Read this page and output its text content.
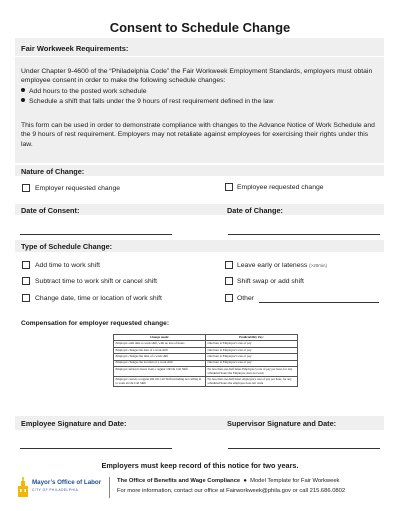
Consent to Schedule Change
Fair Workweek Requirements:
Under Chapter 9-4600 of the “Philadelphia Code” the Fair Workweek Employment Standards, employers must obtain employee consent in order to make the following schedule changes:
Add hours to the posted work schedule
Schedule a shift that falls under the 9 hours of rest requirement defined in the law
This form can be used in order to demonstrate compliance with changes to the Advance Notice of Work Schedule and the 9 hours of rest requirement. Employers may not retaliate against employees for exercising their rights under this law.
Nature of Change:
Employer requested change	Employee requested change
Date of Consent:	Date of Change:
Type of Schedule Change:
Add time to work shift
Subtract time to work shift or cancel shift
Change date, time or location of work shift
Leave early or lateness (>20min)
Shift swap or add shift
Other
Compensation for employer requested change:
Change made:	Predictability Pay:
Employer adds time to work shift, with no loss of hours	One hour at Employee’s rate of pay
Employer changes the date of a work shift	One hour at Employee’s rate of pay
Employer changes the time of a work shift	One hour at Employee’s rate of pay
Employer changes the location of a work shift	One hour at Employee’s rate of pay
Employer subtracts hours from a regular OR On Call Shift	No less than one-half times Employee’s rate of pay per hour, for any scheduled hours the Employee does not work
Employer cancels a regular OR On Call Shift including not calling in to work an On Call Shift	No less than one-half times employee’s rate of pay per hour, for any scheduled hours the employee does not work
Employee Signature and Date:	Supervisor Signature and Date:
Employers must keep record of this notice for two years.
Mayor’s Office of Labor
CITY OF PHILADELPHIA
The Office of Benefits and Wage Compliance  ●  Model Template for Fair Workweek
For more information, contact our office at Fairworkweek@phila.gov or call 215.686.0802
